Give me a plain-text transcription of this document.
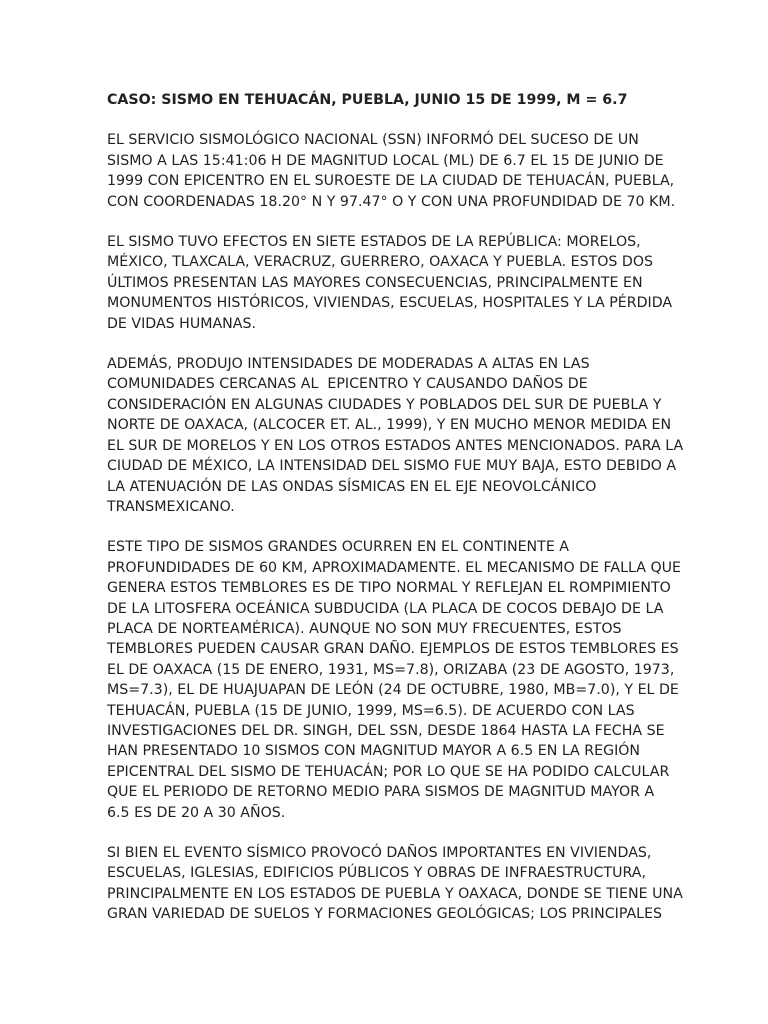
CASO: SISMO EN TEHUACÁN, PUEBLA, JUNIO 15 DE 1999, M = 6.7
EL SERVICIO SISMOLÓGICO NACIONAL (SSN) INFORMÓ DEL SUCESO DE UN
SISMO A LAS 15:41:06 H DE MAGNITUD LOCAL (ML) DE 6.7 EL 15 DE JUNIO DE
1999 CON EPICENTRO EN EL SUROESTE DE LA CIUDAD DE TEHUACÁN, PUEBLA,
CON COORDENADAS 18.20° N Y 97.47° O Y CON UNA PROFUNDIDAD DE 70 KM.
EL SISMO TUVO EFECTOS EN SIETE ESTADOS DE LA REPÚBLICA: MORELOS,
MÉXICO, TLAXCALA, VERACRUZ, GUERRERO, OAXACA Y PUEBLA. ESTOS DOS
ÚLTIMOS PRESENTAN LAS MAYORES CONSECUENCIAS, PRINCIPALMENTE EN
MONUMENTOS HISTÓRICOS, VIVIENDAS, ESCUELAS, HOSPITALES Y LA PÉRDIDA
DE VIDAS HUMANAS.
ADEMÁS, PRODUJO INTENSIDADES DE MODERADAS A ALTAS EN LAS
COMUNIDADES CERCANAS AL  EPICENTRO Y CAUSANDO DAÑOS DE
CONSIDERACIÓN EN ALGUNAS CIUDADES Y POBLADOS DEL SUR DE PUEBLA Y
NORTE DE OAXACA, (ALCOCER ET. AL., 1999), Y EN MUCHO MENOR MEDIDA EN
EL SUR DE MORELOS Y EN LOS OTROS ESTADOS ANTES MENCIONADOS. PARA LA
CIUDAD DE MÉXICO, LA INTENSIDAD DEL SISMO FUE MUY BAJA, ESTO DEBIDO A
LA ATENUACIÓN DE LAS ONDAS SÍSMICAS EN EL EJE NEOVOLCÁNICO
TRANSMEXICANO.
ESTE TIPO DE SISMOS GRANDES OCURREN EN EL CONTINENTE A
PROFUNDIDADES DE 60 KM, APROXIMADAMENTE. EL MECANISMO DE FALLA QUE
GENERA ESTOS TEMBLORES ES DE TIPO NORMAL Y REFLEJAN EL ROMPIMIENTO
DE LA LITOSFERA OCEÁNICA SUBDUCIDA (LA PLACA DE COCOS DEBAJO DE LA
PLACA DE NORTEAMÉRICA). AUNQUE NO SON MUY FRECUENTES, ESTOS
TEMBLORES PUEDEN CAUSAR GRAN DAÑO. EJEMPLOS DE ESTOS TEMBLORES ES
EL DE OAXACA (15 DE ENERO, 1931, MS=7.8), ORIZABA (23 DE AGOSTO, 1973,
MS=7.3), EL DE HUAJUAPAN DE LEÓN (24 DE OCTUBRE, 1980, MB=7.0), Y EL DE
TEHUACÁN, PUEBLA (15 DE JUNIO, 1999, MS=6.5). DE ACUERDO CON LAS
INVESTIGACIONES DEL DR. SINGH, DEL SSN, DESDE 1864 HASTA LA FECHA SE
HAN PRESENTADO 10 SISMOS CON MAGNITUD MAYOR A 6.5 EN LA REGIÓN
EPICENTRAL DEL SISMO DE TEHUACÁN; POR LO QUE SE HA PODIDO CALCULAR
QUE EL PERIODO DE RETORNO MEDIO PARA SISMOS DE MAGNITUD MAYOR A
6.5 ES DE 20 A 30 AÑOS.
SI BIEN EL EVENTO SÍSMICO PROVOCÓ DAÑOS IMPORTANTES EN VIVIENDAS,
ESCUELAS, IGLESIAS, EDIFICIOS PÚBLICOS Y OBRAS DE INFRAESTRUCTURA,
PRINCIPALMENTE EN LOS ESTADOS DE PUEBLA Y OAXACA, DONDE SE TIENE UNA
GRAN VARIEDAD DE SUELOS Y FORMACIONES GEOLÓGICAS; LOS PRINCIPALES
